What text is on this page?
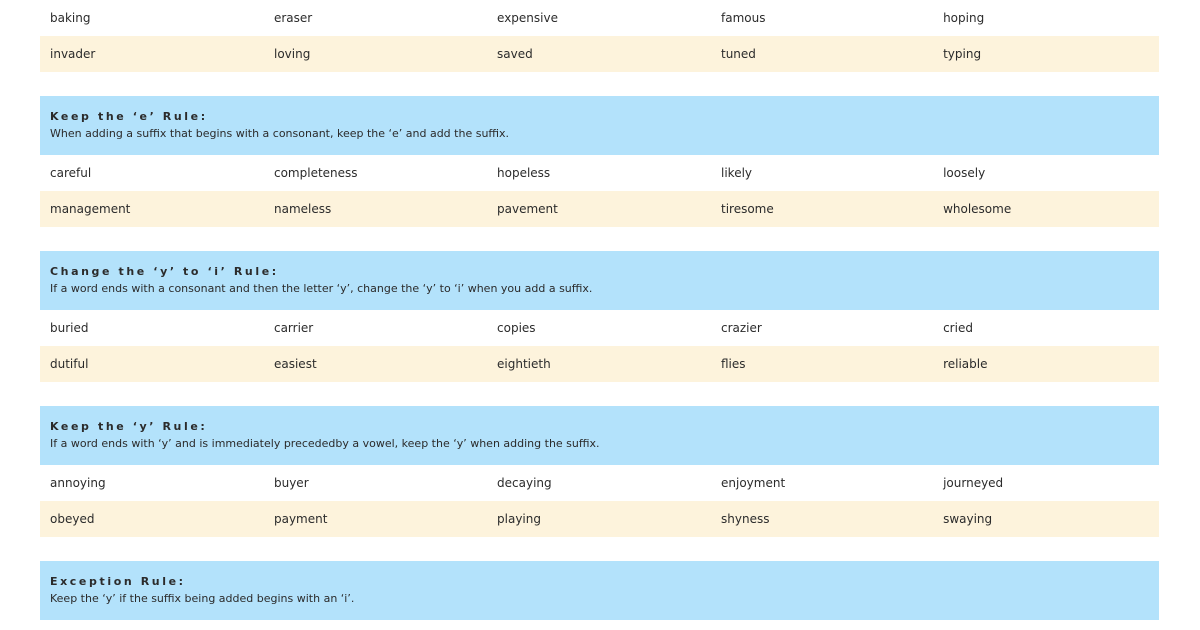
baking	eraser	expensive	famous	hoping
invader	loving	saved	tuned	typing
Keep the ‘e’ Rule:
When adding a suffix that begins with a consonant, keep the ‘e’ and add the suffix.
careful	completeness	hopeless	likely	loosely
management	nameless	pavement	tiresome	wholesome
Change the ‘y’ to ‘i’ Rule:
If a word ends with a consonant and then the letter ‘y’, change the ‘y’ to ‘i’ when you add a suffix.
buried	carrier	copies	crazier	cried
dutiful	easiest	eightieth	flies	reliable
Keep the ‘y’ Rule:
If a word ends with ‘y’ and is immediately precededby a vowel, keep the ‘y’ when adding the suffix.
annoying	buyer	decaying	enjoyment	journeyed
obeyed	payment	playing	shyness	swaying
Exception Rule:
Keep the ‘y’ if the suffix being added begins with an ‘i’.
